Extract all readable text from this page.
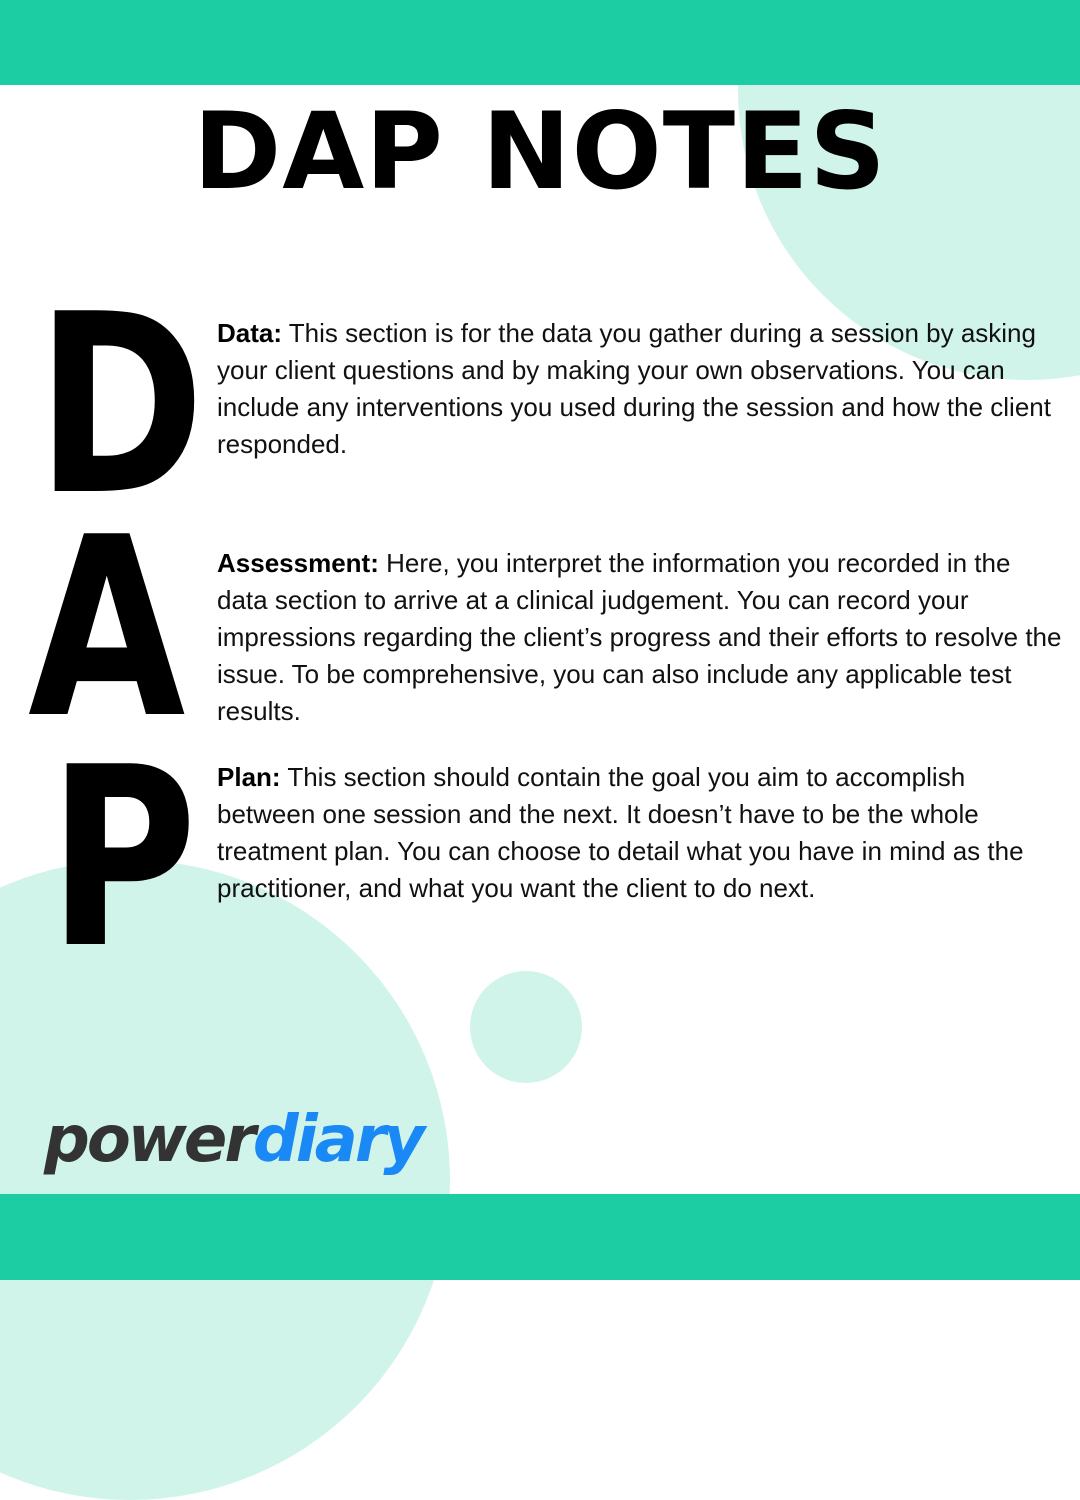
DAP NOTES
D
A
P
Data: This section is for the data you gather during a session by asking your client questions and by making your own observations. You can include any interventions you used during the session and how the client responded.
Assessment: Here, you interpret the information you recorded in the data section to arrive at a clinical judgement. You can record your impressions regarding the client’s progress and their efforts to resolve the issue. To be comprehensive, you can also include any applicable test results.
Plan: This section should contain the goal you aim to accomplish between one session and the next. It doesn’t have to be the whole treatment plan. You can choose to detail what you have in mind as the practitioner, and what you want the client to do next.
powerdiary
